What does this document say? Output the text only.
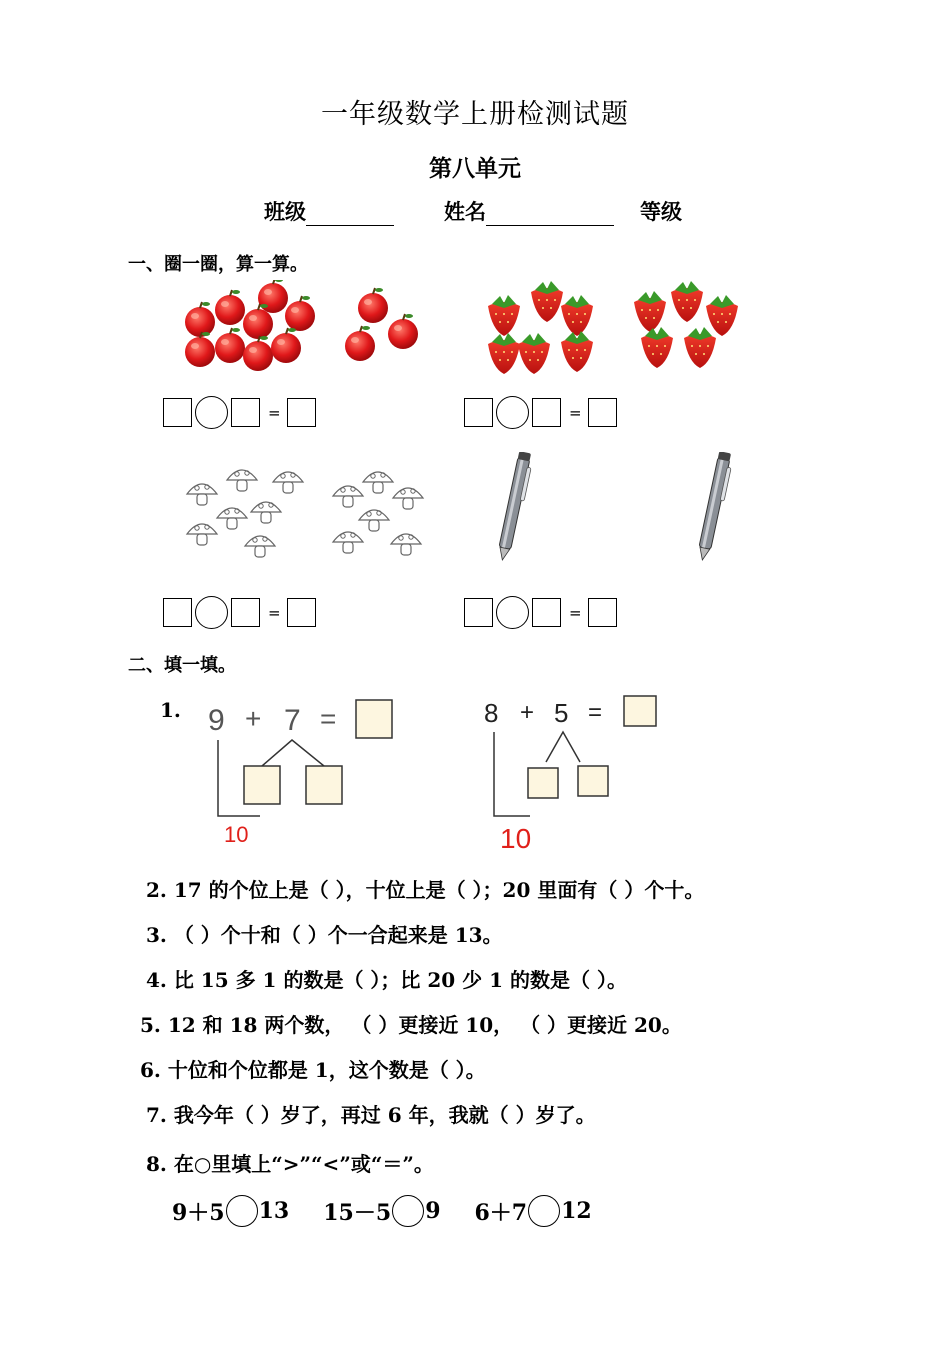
一年级数学上册检测试题
第八单元
班级	姓名	等级
一、圈一圈，算一算。
=	=
=	=
二、填一填。
1. 9 + 7 =
10
8 + 5 =
10
2. 17 的个位上是（ ），十位上是（ ）；20 里面有（ ）个十。
3. （ ）个十和（ ）个一合起来是 13。
4. 比 15 多 1 的数是（ ）；比 20 少 1 的数是（ ）。
5. 12 和 18 两个数， （ ）更接近 10， （ ）更接近 20。
6. 十位和个位都是 1，这个数是（ ）。
7. 我今年（ ）岁了，再过 6 年，我就（ ）岁了。
8. 在○里填上“>”“<”或“＝”。
9＋5 13 15－5 9 6＋7 12
